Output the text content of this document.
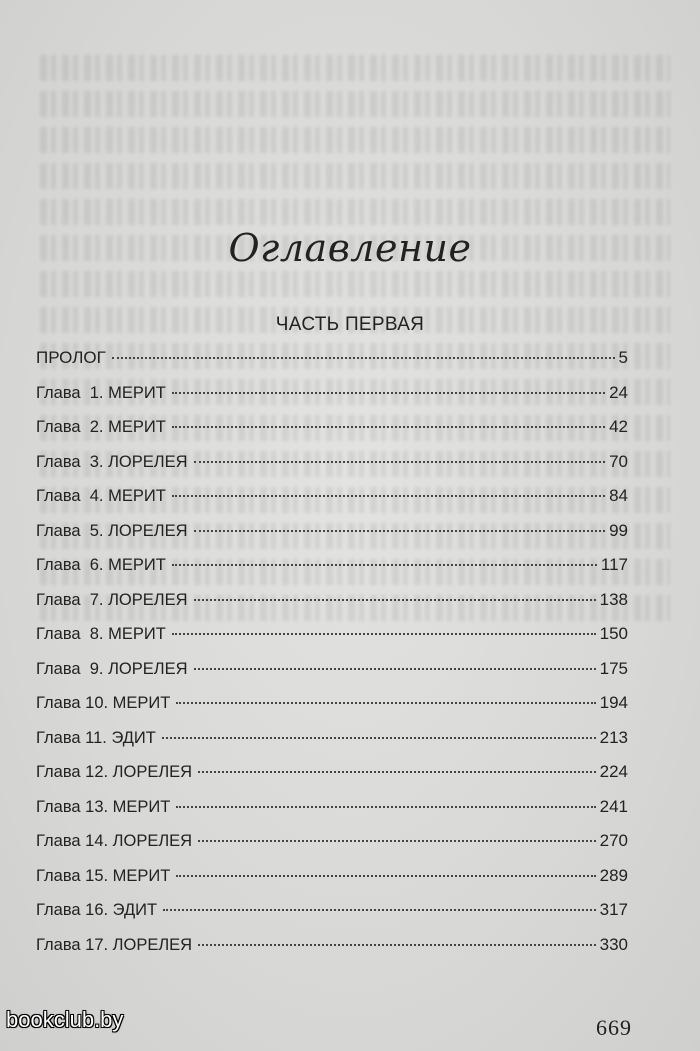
Оглавление
ЧАСТЬ ПЕРВАЯ
ПРОЛОГ	5
Глава  1. МЕРИТ	24
Глава  2. МЕРИТ	42
Глава  3. ЛОРЕЛЕЯ	70
Глава  4. МЕРИТ	84
Глава  5. ЛОРЕЛЕЯ	99
Глава  6. МЕРИТ	117
Глава  7. ЛОРЕЛЕЯ	138
Глава  8. МЕРИТ	150
Глава  9. ЛОРЕЛЕЯ	175
Глава 10. МЕРИТ	194
Глава 11. ЭДИТ	213
Глава 12. ЛОРЕЛЕЯ	224
Глава 13. МЕРИТ	241
Глава 14. ЛОРЕЛЕЯ	270
Глава 15. МЕРИТ	289
Глава 16. ЭДИТ	317
Глава 17. ЛОРЕЛЕЯ	330
bookclub.by	669
